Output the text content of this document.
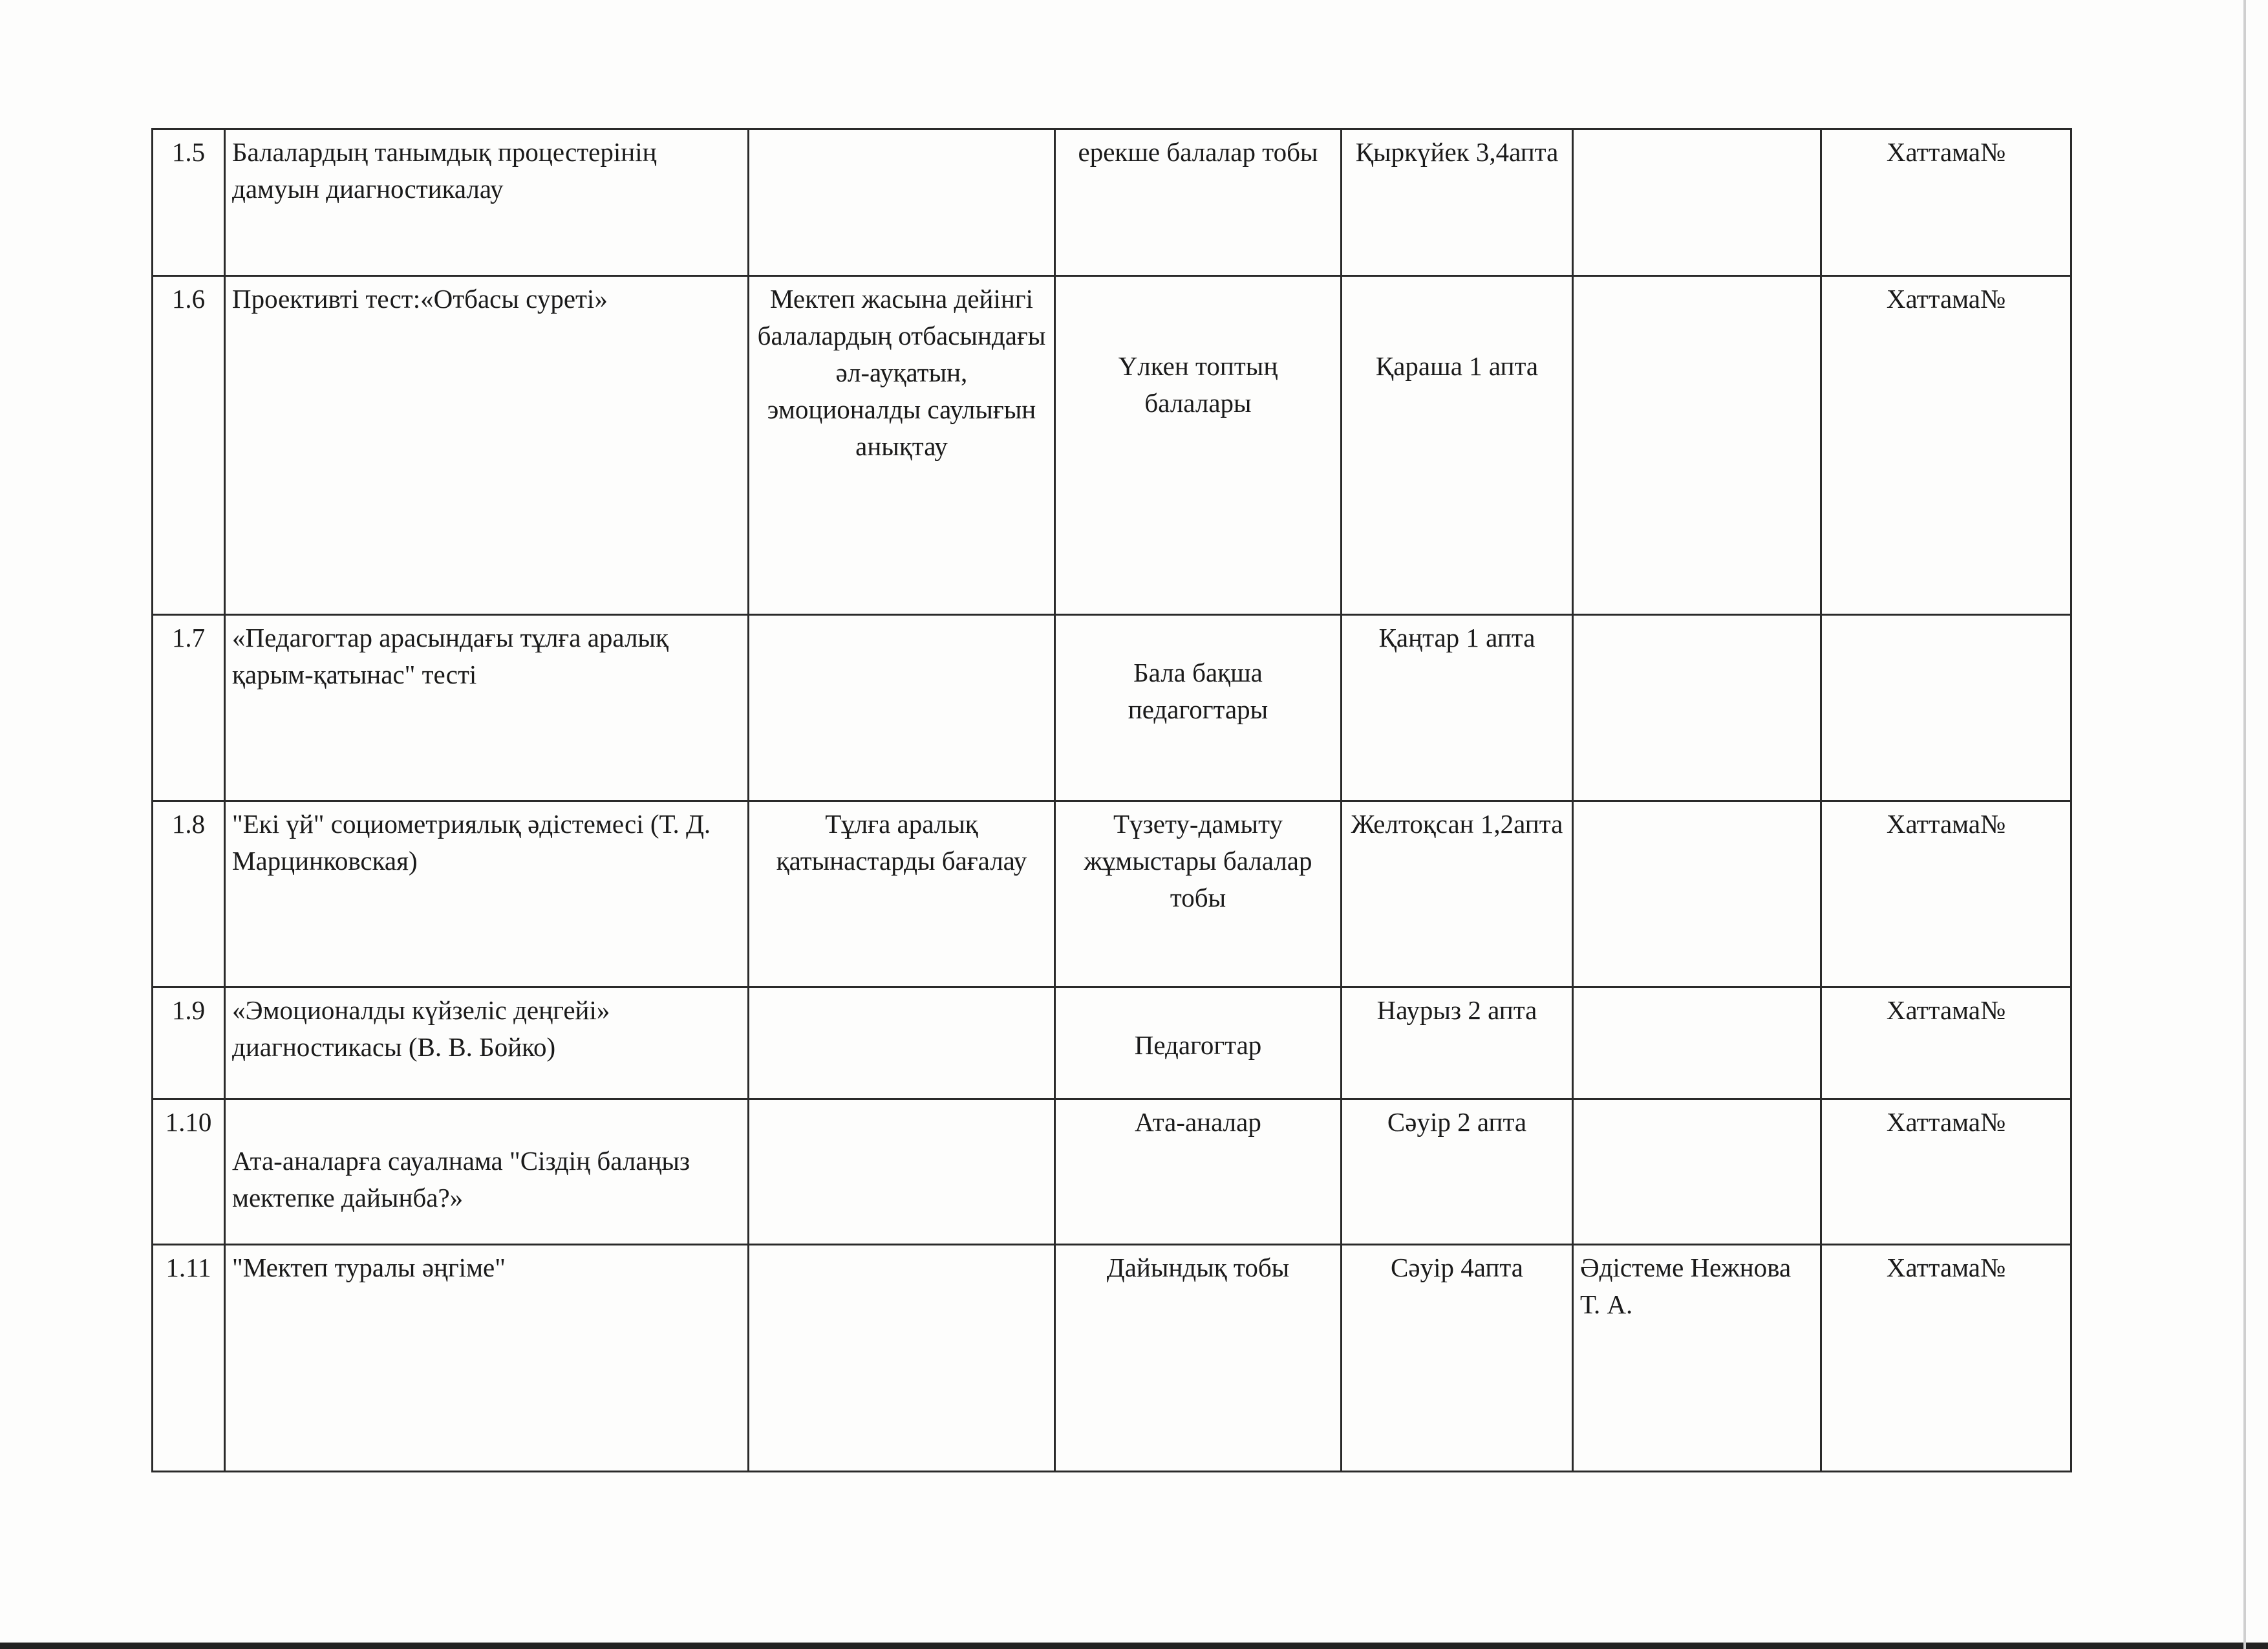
1.5	Балалардың танымдық процестерінің дамуын диагностикалау		ерекше балалар тобы	Қыркүйек 3,4апта		Хаттама№
1.6	Проективті тест:«Отбасы суреті»	Мектеп жасына дейінгі балалардың отбасындағы әл-ауқатын, эмоционалды саулығын анықтау	Үлкен топтың балалары	Қараша 1 апта		Хаттама№
1.7	«Педагогтар арасындағы тұлға аралық қарым-қатынас" тесті		Бала бақша педагогтары	Қаңтар 1 апта		
1.8	"Екі үй" социометриялық әдістемесі (Т. Д. Марцинковская)	Тұлға аралық қатынастарды бағалау	Түзету-дамыту жұмыстары балалар тобы	Желтоқсан 1,2апта		Хаттама№
1.9	«Эмоционалды күйзеліс деңгейі» диагностикасы (В. В. Бойко)		Педагогтар	Наурыз 2 апта		Хаттама№
1.10	Ата-аналарға сауалнама "Сіздің балаңыз мектепке дайынба?»		Ата-аналар	Сәуір 2 апта		Хаттама№
1.11	"Мектеп туралы әңгіме"		Дайындық тобы	Сәуір 4апта	Әдістеме Нежнова Т. А.	Хаттама№
